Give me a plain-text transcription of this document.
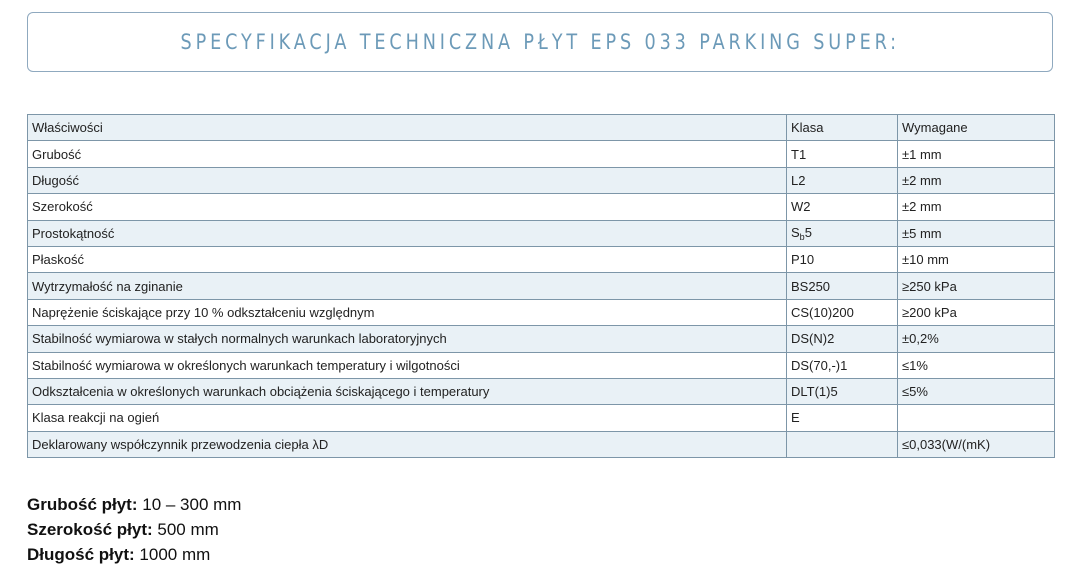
SPECYFIKACJA TECHNICZNA PŁYT EPS 033 PARKING SUPER:
Właściwości	Klasa	Wymagane
Grubość	T1	±1 mm
Długość	L2	±2 mm
Szerokość	W2	±2 mm
Prostokątność	$S_b5$	±5 mm
Płaskość	P10	±10 mm
Wytrzymałość na zginanie	BS250	≥250 kPa
Naprężenie ściskające przy 10 % odkształceniu względnym	CS(10)200	≥200 kPa
Stabilność wymiarowa w stałych normalnych warunkach laboratoryjnych	DS(N)2	±0,2%
Stabilność wymiarowa w określonych warunkach temperatury i wilgotności	DS(70,-)1	≤1%
Odkształcenia w określonych warunkach obciążenia ściskającego i temperatury	DLT(1)5	≤5%
Klasa reakcji na ogień	E	
Deklarowany współczynnik przewodzenia ciepła λD		≤0,033(W/(mK)
Grubość płyt: 10 – 300 mm
Szerokość płyt: 500 mm
Długość płyt: 1000 mm
